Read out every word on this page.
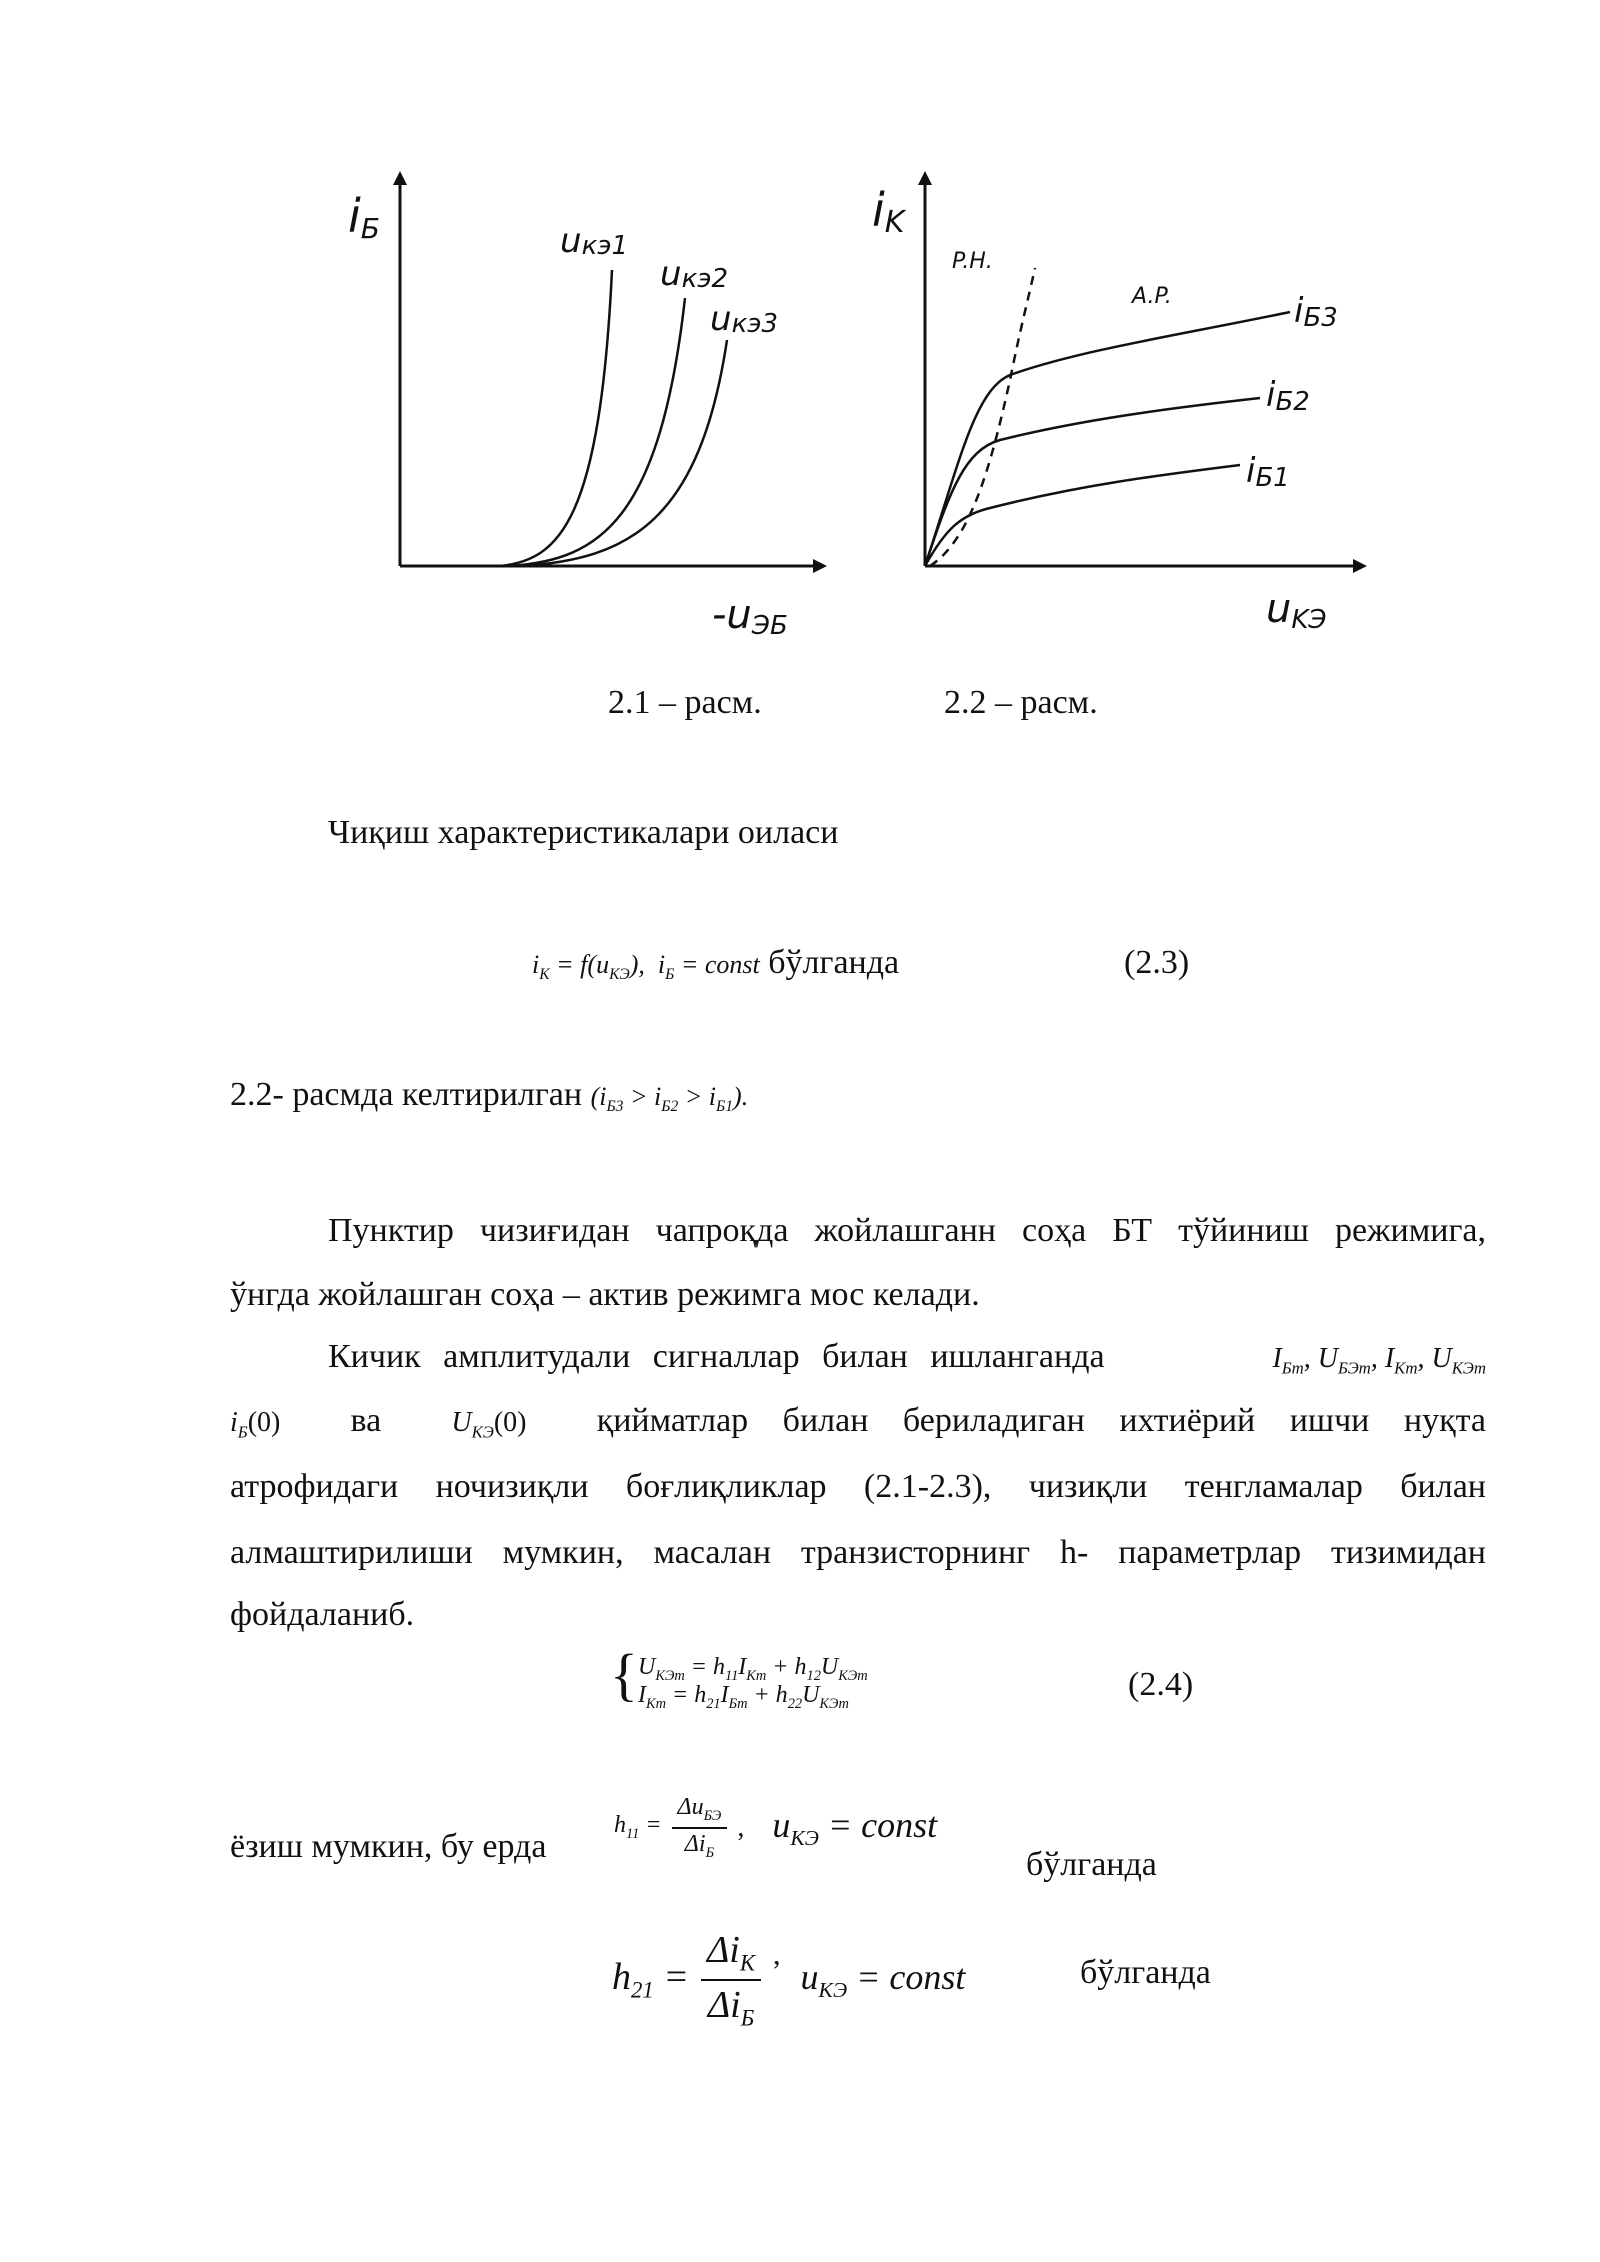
iБ
-uЭБ
uкэ1
uкэ2
uкэ3
iK
uKЭ
P.H.
A.P.	iБ3
iБ2
iБ1
2.1 – расм.	2.2 – расм.
Чиқиш характеристикалари оиласи
$i_K = f(u_{KЭ})$, $i_Б$ = const бўлганда	(2.3)
2.2- расмда келтирилган $(i_{Б3} > i_{Б2} > i_{Б1})$.
Пунктир чизиғидан чапроқда жойлашганн соҳа БТ тўйиниш режимига,
ўнгда жойлашган соҳа – актив режимга мос келади.
Кичик амплитудали сигналлар билан ишланганда	$I_{Бm}$, $U_{БЭm}$, $I_{Km}$, $U_{KЭm}$
$i_Б(0)$ ва	$U_{KЭ}(0)$ қийматлар билан бериладиган ихтиёрий ишчи нуқта
атрофидаги ночизиқли боғлиқликлар (2.1-2.3), чизиқли тенгламалар билан
алмаштирилиши мумкин, масалан транзисторнинг h- параметрлар тизимидан
фойдаланиб.
{ $U_{KЭm} = h_{11}I_{Km} + h_{12}U_{KЭm}$
$I_{Km} = h_{21}I_{Бm} + h_{22}U_{KЭm}$
(2.4)
ёзиш мумкин, бу ерда
$h_{11} = \frac{\Delta u_{БЭ}}{\Delta i_Б}$ , $u_{KЭ}$ = const
бўлганда
$h_{21} = \frac{\Delta i_K}{\Delta i_Б}$ ,
$u_{KЭ}$ = const	бўлганда
